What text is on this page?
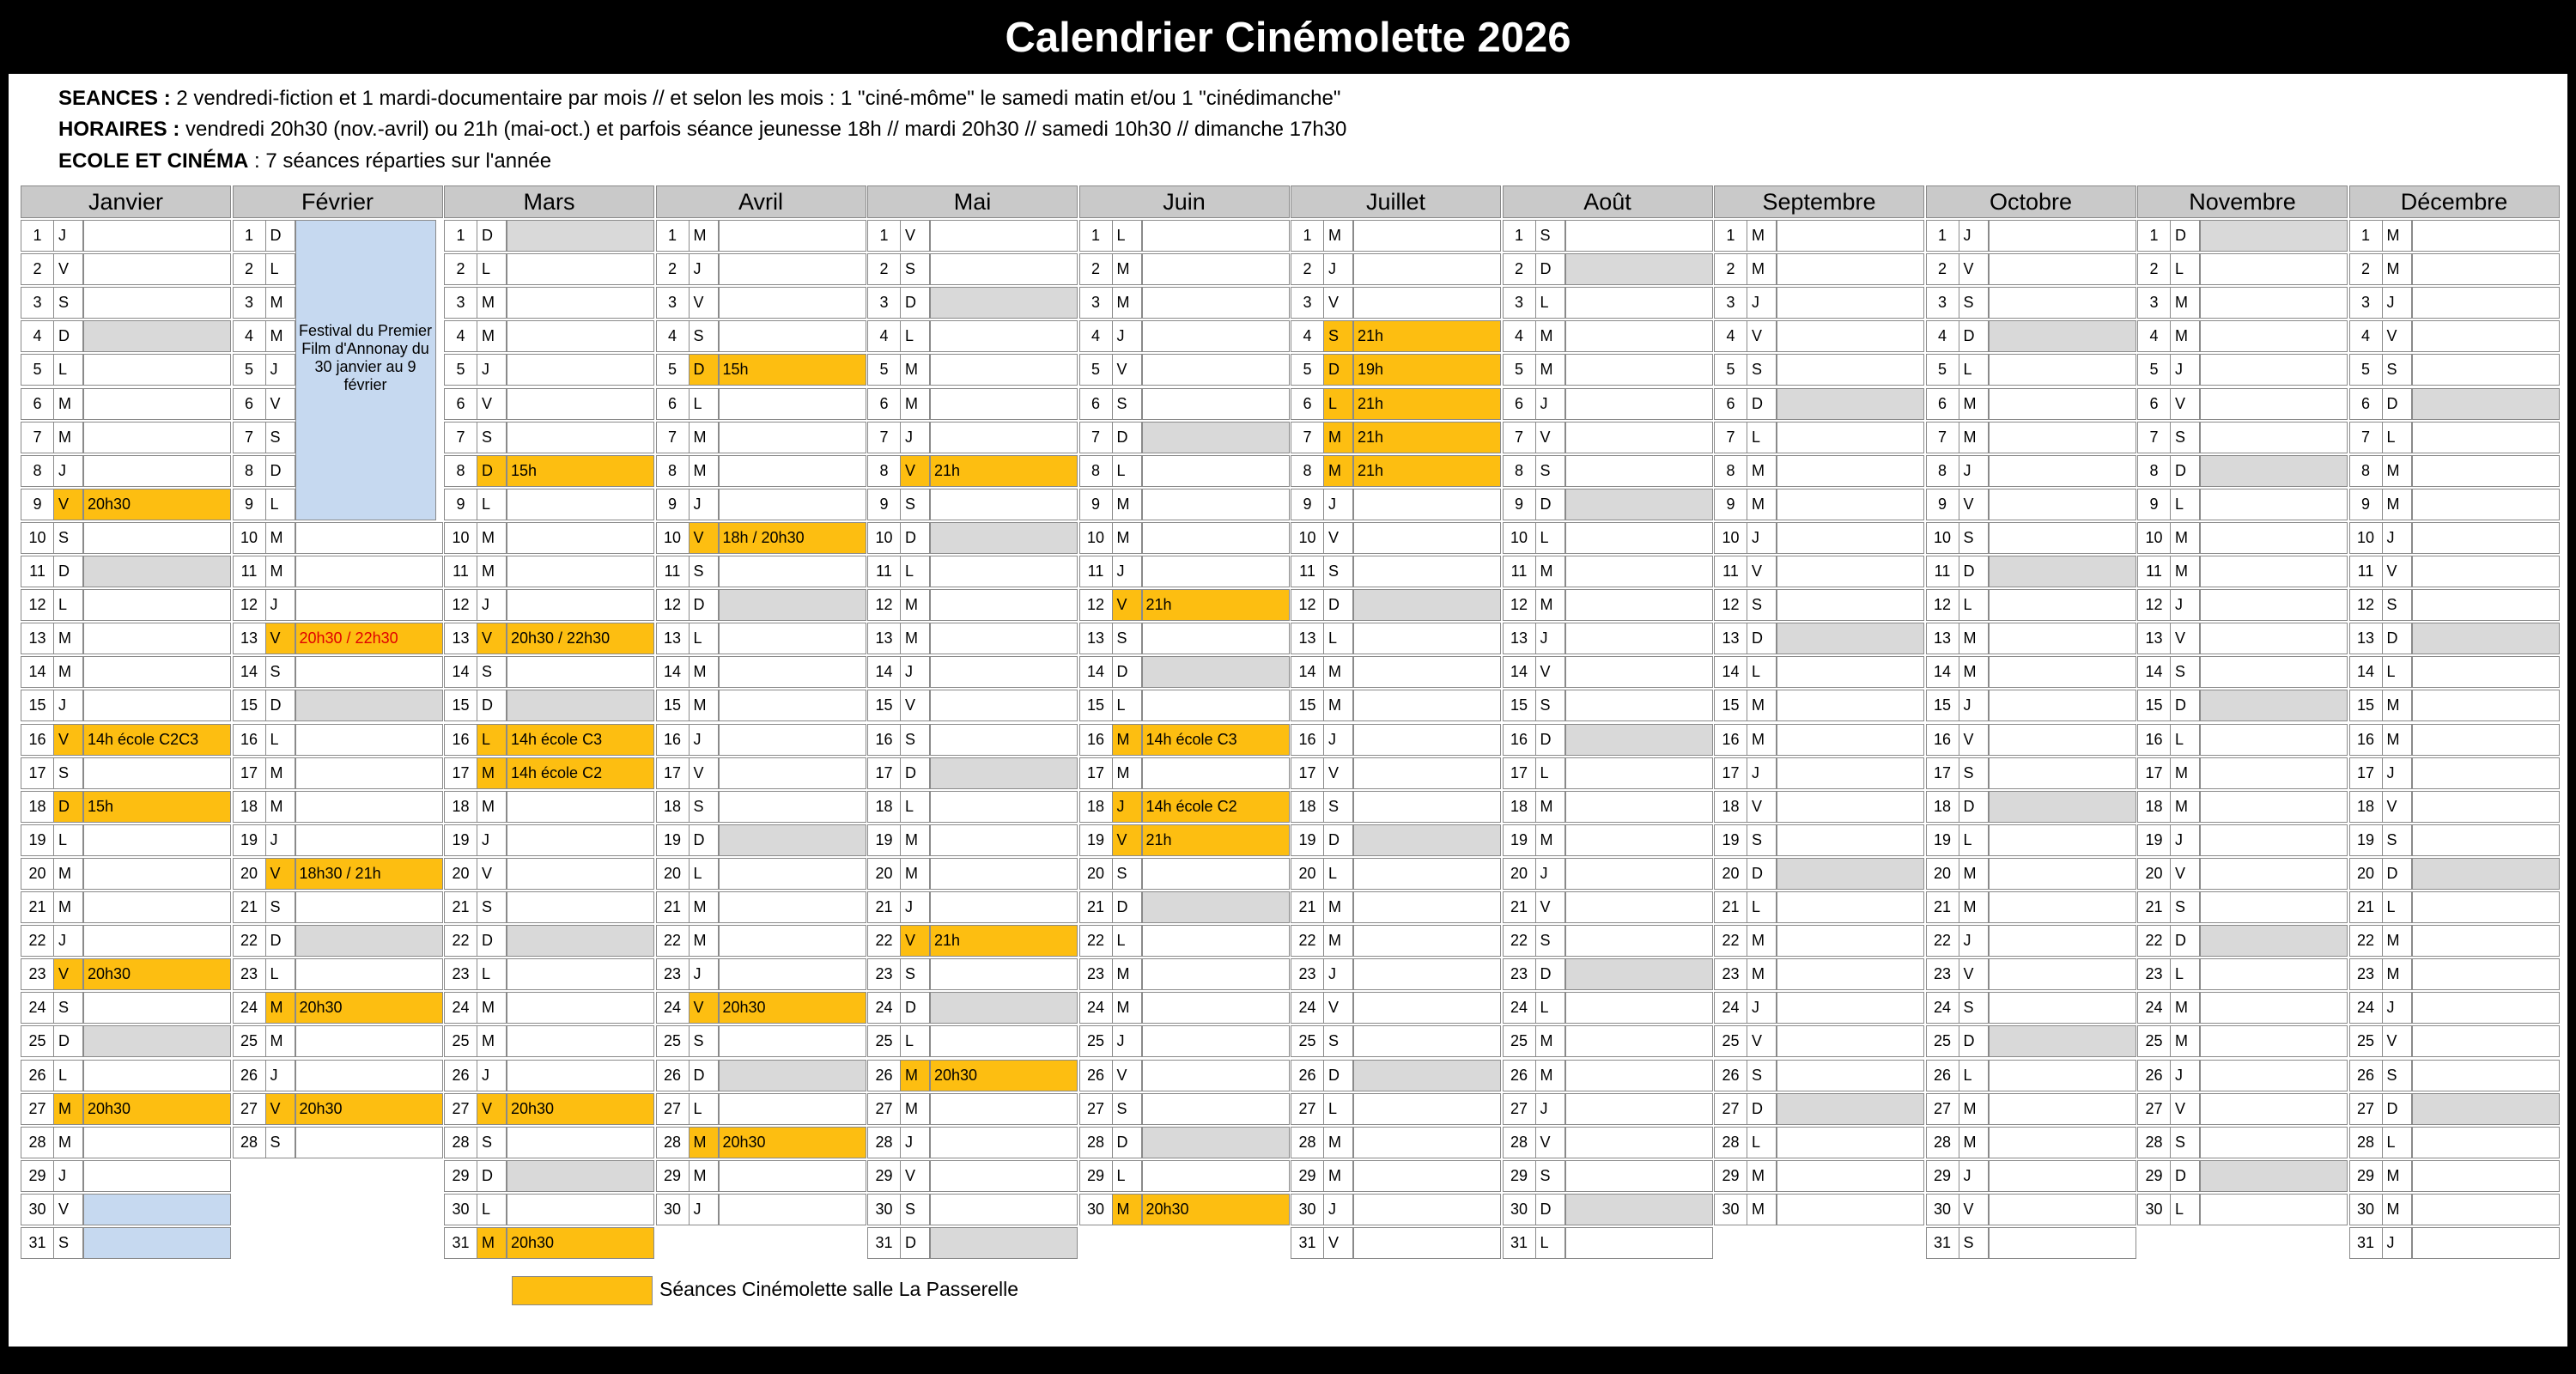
Calendrier Cinémolette 2026
SEANCES : 2 vendredi-fiction et 1 mardi-documentaire par mois // et selon les mois : 1 "ciné-môme" le samedi matin et/ou 1 "cinédimanche"
HORAIRES : vendredi 20h30 (nov.-avril) ou 21h (mai-oct.) et parfois séance jeunesse 18h // mardi 20h30 // samedi 10h30 // dimanche 17h30
ECOLE ET CINÉMA : 7 séances réparties sur l'année
Janvier
1	J
2	V
3	S
4	D
5	L
6	M
7	M
8	J
9	V	20h30
10 S
11 D
12 L
13 M
14 M
15 J
16 V	14h école C2C3
17 S
18 D	15h
19 L
20 M
21 M
22 J
23 V	20h30
24 S
25 D
26 L
27 M	20h30
28 M
29 J
30 V
31 S
Février
1	D
2	L
3	M
4	M
5	J
6	V
7	S
8	D
9	L
10 M
11 M
12 J
13 V	20h30 / 22h30
14 S
15 D
16 L
17 M
18 M
19 J
20 V	18h30 / 21h
21 S
22 D
23 L
24 M	20h30
25 M
26 J
27 V	20h30
28 S
Mars
1	D
2	L
3	M
4	M
5	J
6	V
7	S
8	D	15h
9	L
10 M
11 M
12 J
13 V	20h30 / 22h30
14 S
15 D
16 L	14h école C3
17 M	14h école C2
18 M
19 J
20 V
21 S
22 D
23 L
24 M
25 M
26 J
27 V	20h30
28 S
29 D
30 L
31 M	20h30
Avril
1	M
2	J
3	V
4	S
5	D	15h
6	L
7	M
8	M
9	J
10 V	18h / 20h30
11 S
12 D
13 L
14 M
15 M
16 J
17 V
18 S
19 D
20 L
21 M
22 M
23 J
24 V	20h30
25 S
26 D
27 L
28 M	20h30
29 M
30 J
Mai
1	V
2	S
3	D
4	L
5	M
6	M
7	J
8	V	21h
9	S
10 D
11 L
12 M
13 M
14 J
15 V
16 S
17 D
18 L
19 M
20 M
21 J
22 V	21h
23 S
24 D
25 L
26 M	20h30
27 M
28 J
29 V
30 S
31 D
Juin
1	L
2	M
3	M
4	J
5	V
6	S
7	D
8	L
9	M
10 M
11 J
12 V	21h
13 S
14 D
15 L
16 M	14h école C3
17 M
18 J	14h école C2
19 V	21h
20 S
21 D
22 L
23 M
24 M
25 J
26 V
27 S
28 D
29 L
30 M	20h30
Juillet
1	M
2	J
3	V
4	S	21h
5	D	19h
6	L	21h
7	M	21h
8	M	21h
9	J
10 V
11 S
12 D
13 L
14 M
15 M
16 J
17 V
18 S
19 D
20 L
21 M
22 M
23 J
24 V
25 S
26 D
27 L
28 M
29 M
30 J
31 V
Août
1	S
2	D
3	L
4	M
5	M
6	J
7	V
8	S
9	D
10 L
11 M
12 M
13 J
14 V
15 S
16 D
17 L
18 M
19 M
20 J
21 V
22 S
23 D
24 L
25 M
26 M
27 J
28 V
29 S
30 D
31 L
Septembre
1	M
2	M
3	J
4	V
5	S
6	D
7	L
8	M
9	M
10 J
11 V
12 S
13 D
14 L
15 M
16 M
17 J
18 V
19 S
20 D
21 L
22 M
23 M
24 J
25 V
26 S
27 D
28 L
29 M
30 M
Octobre
1	J
2	V
3	S
4	D
5	L
6	M
7	M
8	J
9	V
10 S
11 D
12 L
13 M
14 M
15 J
16 V
17 S
18 D
19 L
20 M
21 M
22 J
23 V
24 S
25 D
26 L
27 M
28 M
29 J
30 V
31 S
Novembre
1	D
2	L
3	M
4	M
5	J
6	V
7	S
8	D
9	L
10 M
11 M
12 J
13 V
14 S
15 D
16 L
17 M
18 M
19 J
20 V
21 S
22 D
23 L
24 M
25 M
26 J
27 V
28 S
29 D
30 L
Décembre
1	M
2	M
3	J
4	V
5	S
6	D
7	L
8	M
9	M
10 J
11 V
12 S
13 D
14 L
15 M
16 M
17 J
18 V
19 S
20 D
21 L
22 M
23 M
24 J
25 V
26 S
27 D
28 L
29 M
30 M
31 J
Festival du Premier Film d'Annonay du 30 janvier au 9 février
Séances Cinémolette salle La Passerelle
